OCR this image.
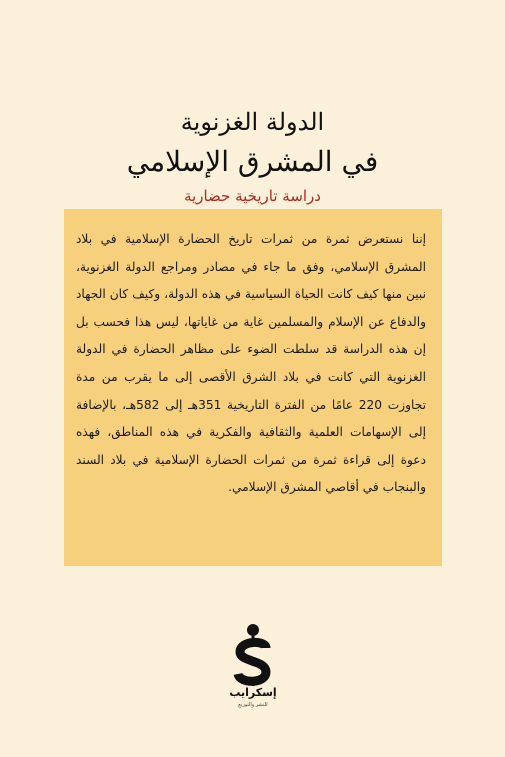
الدولة الغزنوية
في المشرق الإسلامي
دراسة تاريخية حضارية
إننا نستعرض ثمرة من ثمرات تاريخ الحضارة الإسلامية في بلاد المشرق الإسلامي، وفق ما جاء في مصادر ومراجع الدولة الغزنوية، نبين منها كيف كانت الحياة السياسية في هذه الدولة، وكيف كان الجهاد والدفاع عن الإسلام والمسلمين غاية من غاياتها، ليس هذا فحسب بل إن هذه الدراسة قد سلطت الضوء على مظاهر الحضارة في الدولة الغزنوية التي كانت في بلاد الشرق الأقصى إلى ما يقرب من مدة تجاوزت 220 عامًا من الفترة التاريخية 351هـ إلى 582هـ، بالإضافة إلى الإسهامات العلمية والثقافية والفكرية في هذه المناطق، فهذه دعوة إلى قراءة ثمرة من ثمرات الحضارة الإسلامية في بلاد السند والبنجاب في أقاصي المشرق الإسلامي.
إسكرايب
للنشر والتوزيع
